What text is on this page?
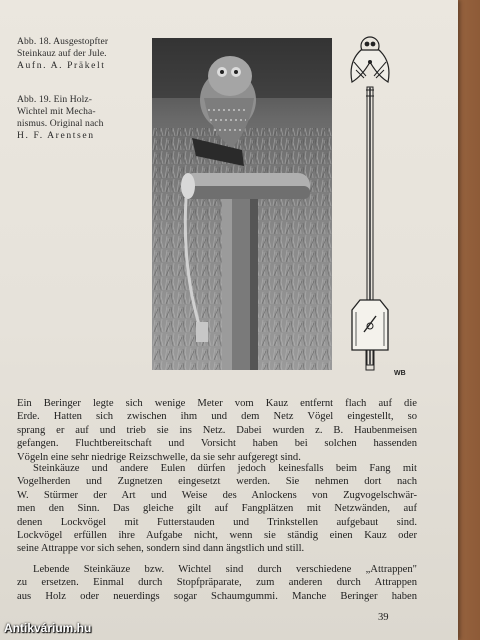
Abb. 18. Ausgestopfter
Steinkauz auf der Jule.
Aufn. A. Präkelt
Abb. 19. Ein Holz-
Wichtel mit Mecha-
nismus. Original nach
H. F. Arentsen
WB
Ein Beringer legte sich wenige Meter vom Kauz entfernt flach auf die
Erde. Hatten sich zwischen ihm und dem Netz Vögel eingestellt, so
sprang er auf und trieb sie ins Netz. Dabei wurden z. B. Haubenmeisen
gefangen. Fluchtbereitschaft und Vorsicht haben bei solchen hassenden
Vögeln eine sehr niedrige Reizschwelle, da sie sehr aufgeregt sind.
Steinkäuze und andere Eulen dürfen jedoch keinesfalls beim Fang mit
Vogelherden und Zugnetzen eingesetzt werden. Sie nehmen dort nach
W. Stürmer der Art und Weise des Anlockens von Zugvogelschwär-
men den Sinn. Das gleiche gilt auf Fangplätzen mit Netzwänden, auf
denen Lockvögel mit Futterstauden und Trinkstellen aufgebaut sind.
Lockvögel erfüllen ihre Aufgabe nicht, wenn sie ständig einen Kauz oder
seine Attrappe vor sich sehen, sondern sind dann ängstlich und still.
Lebende Steinkäuze bzw. Wichtel sind durch verschiedene „Attrappen"
zu ersetzen. Einmal durch Stopfpräparate, zum anderen durch Attrappen
aus Holz oder neuerdings sogar Schaumgummi. Manche Beringer haben
39
Antikvárium.hu
